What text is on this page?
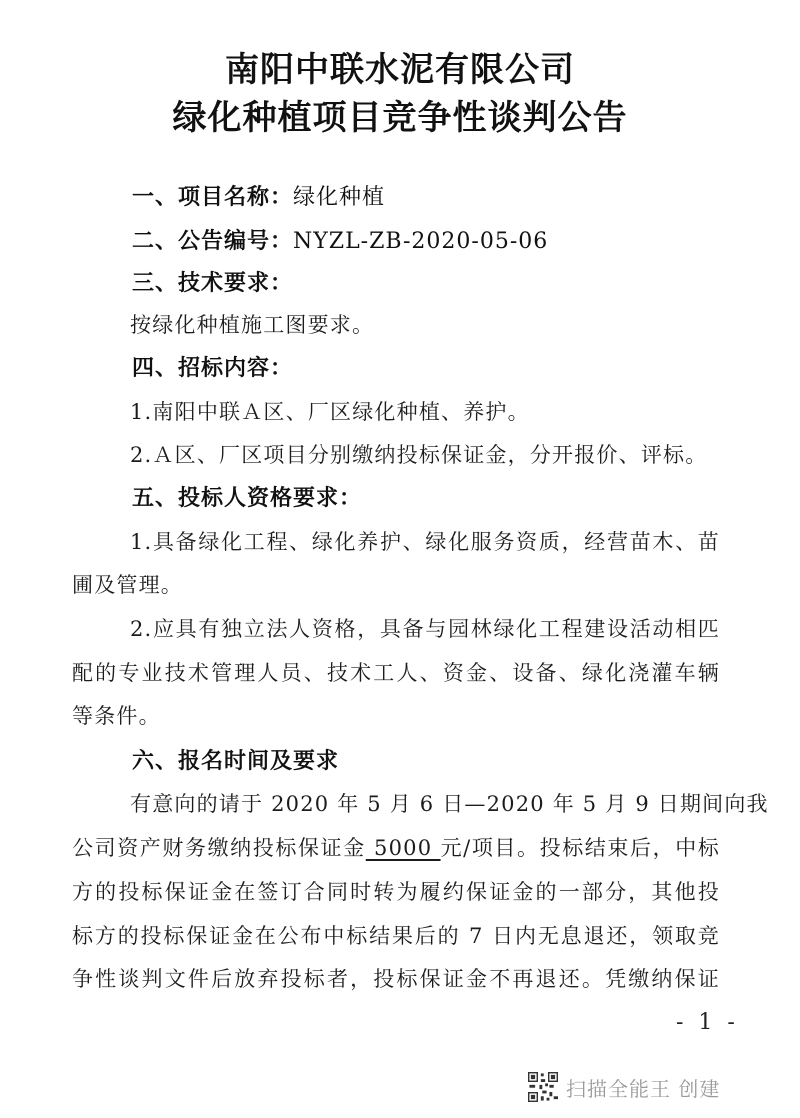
南阳中联水泥有限公司
绿化种植项目竞争性谈判公告
一、项目名称：绿化种植
二、公告编号：NYZL-ZB-2020-05-06
三、技术要求：
按绿化种植施工图要求。
四、招标内容：
1.南阳中联Ａ区、厂区绿化种植、养护。
2.Ａ区、厂区项目分别缴纳投标保证金，分开报价、评标。
五、投标人资格要求：
1.具备绿化工程、绿化养护、绿化服务资质，经营苗木、苗
圃及管理。
2.应具有独立法人资格，具备与园林绿化工程建设活动相匹
配的专业技术管理人员、技术工人、资金、设备、绿化浇灌车辆
等条件。
六、报名时间及要求
有意向的请于 2020 年 5 月 6 日—2020 年 5 月 9 日期间向我
公司资产财务缴纳投标保证金 5000 元/项目。投标结束后，中标
方的投标保证金在签订合同时转为履约保证金的一部分，其他投
标方的投标保证金在公布中标结果后的 7 日内无息退还，领取竞
争性谈判文件后放弃投标者，投标保证金不再退还。凭缴纳保证
- 1 -
扫描全能王 创建
